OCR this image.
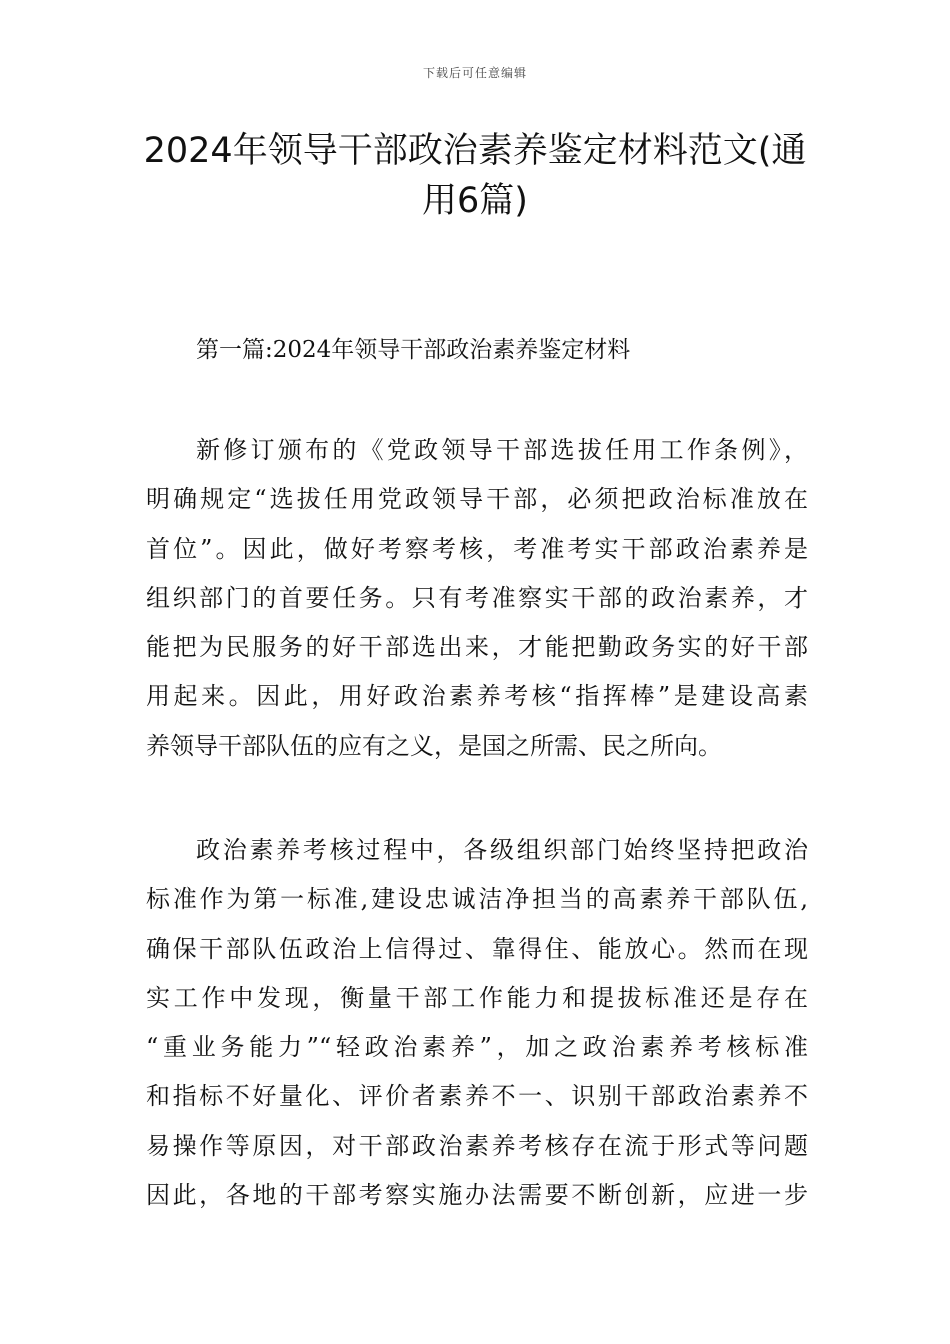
下载后可任意编辑
2024年领导干部政治素养鉴定材料范文(通
用6篇)
第一篇:2024年领导干部政治素养鉴定材料

新修订颁布的《党政领导干部选拔任用工作条例》，
明确规定“选拔任用党政领导干部，必须把政治标准放在
首位”。因此，做好考察考核，考准考实干部政治素养是
组织部门的首要任务。只有考准察实干部的政治素养，才
能把为民服务的好干部选出来，才能把勤政务实的好干部
用起来。因此，用好政治素养考核“指挥棒”是建设高素
养领导干部队伍的应有之义，是国之所需、民之所向。

政治素养考核过程中，各级组织部门始终坚持把政治
标准作为第一标准,建设忠诚洁净担当的高素养干部队伍,
确保干部队伍政治上信得过、靠得住、能放心。然而在现
实工作中发现，衡量干部工作能力和提拔标准还是存在
“重业务能力”“轻政治素养”，加之政治素养考核标准
和指标不好量化、评价者素养不一、识别干部政治素养不
易操作等原因，对干部政治素养考核存在流于形式等问题
因此，各地的干部考察实施办法需要不断创新，应进一步
